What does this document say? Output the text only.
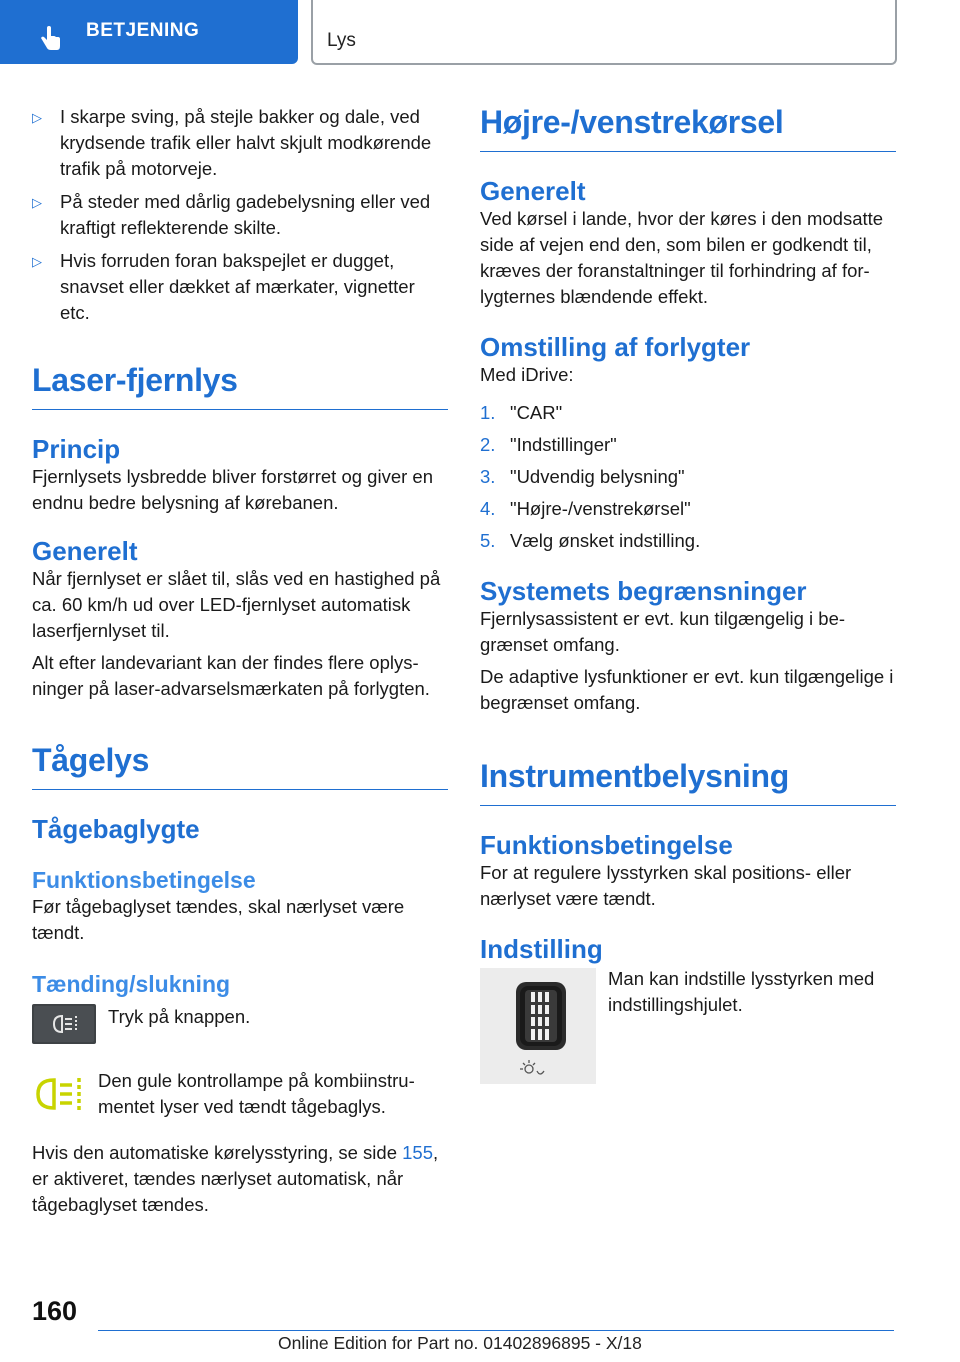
BETJENING	Lys
▷ I skarpe sving, på stejle bakker og dale, ved krydsende trafik eller halvt skjult modkørende trafik på motorveje.
▷ På steder med dårlig gadebelysning eller ved kraftigt reflekterende skilte.
▷ Hvis forruden foran bakspejlet er dugget, snavset eller dækket af mærkater, vignetter etc.
Laser-fjernlys
Princip

Fjernlysets lysbredde bliver forstørret og giver en endnu bedre belysning af kørebanen.

Generelt

Når fjernlyset er slået til, slås ved en hastighed på ca. 60 km/h ud over LED-fjernlyset automatisk laserfjernlyset til.

Alt efter landevariant kan der findes flere oplysninger på laser-advarselsmærkaten på forlygten.

Tågelys
Tågebaglygte
Funktionsbetingelse

Før tågebaglyset tændes, skal nærlyset være tændt.

Tænding/slukning

Tryk på knappen.

Den gule kontrollampe på kombiinstrumentet lyser ved tændt tågebaglys.

Hvis den automatiske kørelysstyring, se side 155, er aktiveret, tændes nærlyset automatisk, når tågebaglyset tændes.

Højre-/venstrekørsel
Generelt

Ved kørsel i lande, hvor der køres i den modsatte side af vejen end den, som bilen er godkendt til, kræves der foranstaltninger til forhindring af forlygternes blændende effekt.

Omstilling af forlygter

Med iDrive:

1. "CAR"
2. "Indstillinger"
3. "Udvendig belysning"
4. "Højre-/venstrekørsel"
5. Vælg ønsket indstilling.
Systemets begrænsninger

Fjernlysassistent er evt. kun tilgængelig i begrænset omfang.

De adaptive lysfunktioner er evt. kun tilgængelige i begrænset omfang.

Instrumentbelysning
Funktionsbetingelse

For at regulere lysstyrken skal positions- eller nærlyset være tændt.

Indstilling

Man kan indstille lysstyrken med indstillingshjulet.

160
Online Edition for Part no. 01402896895 - X/18
